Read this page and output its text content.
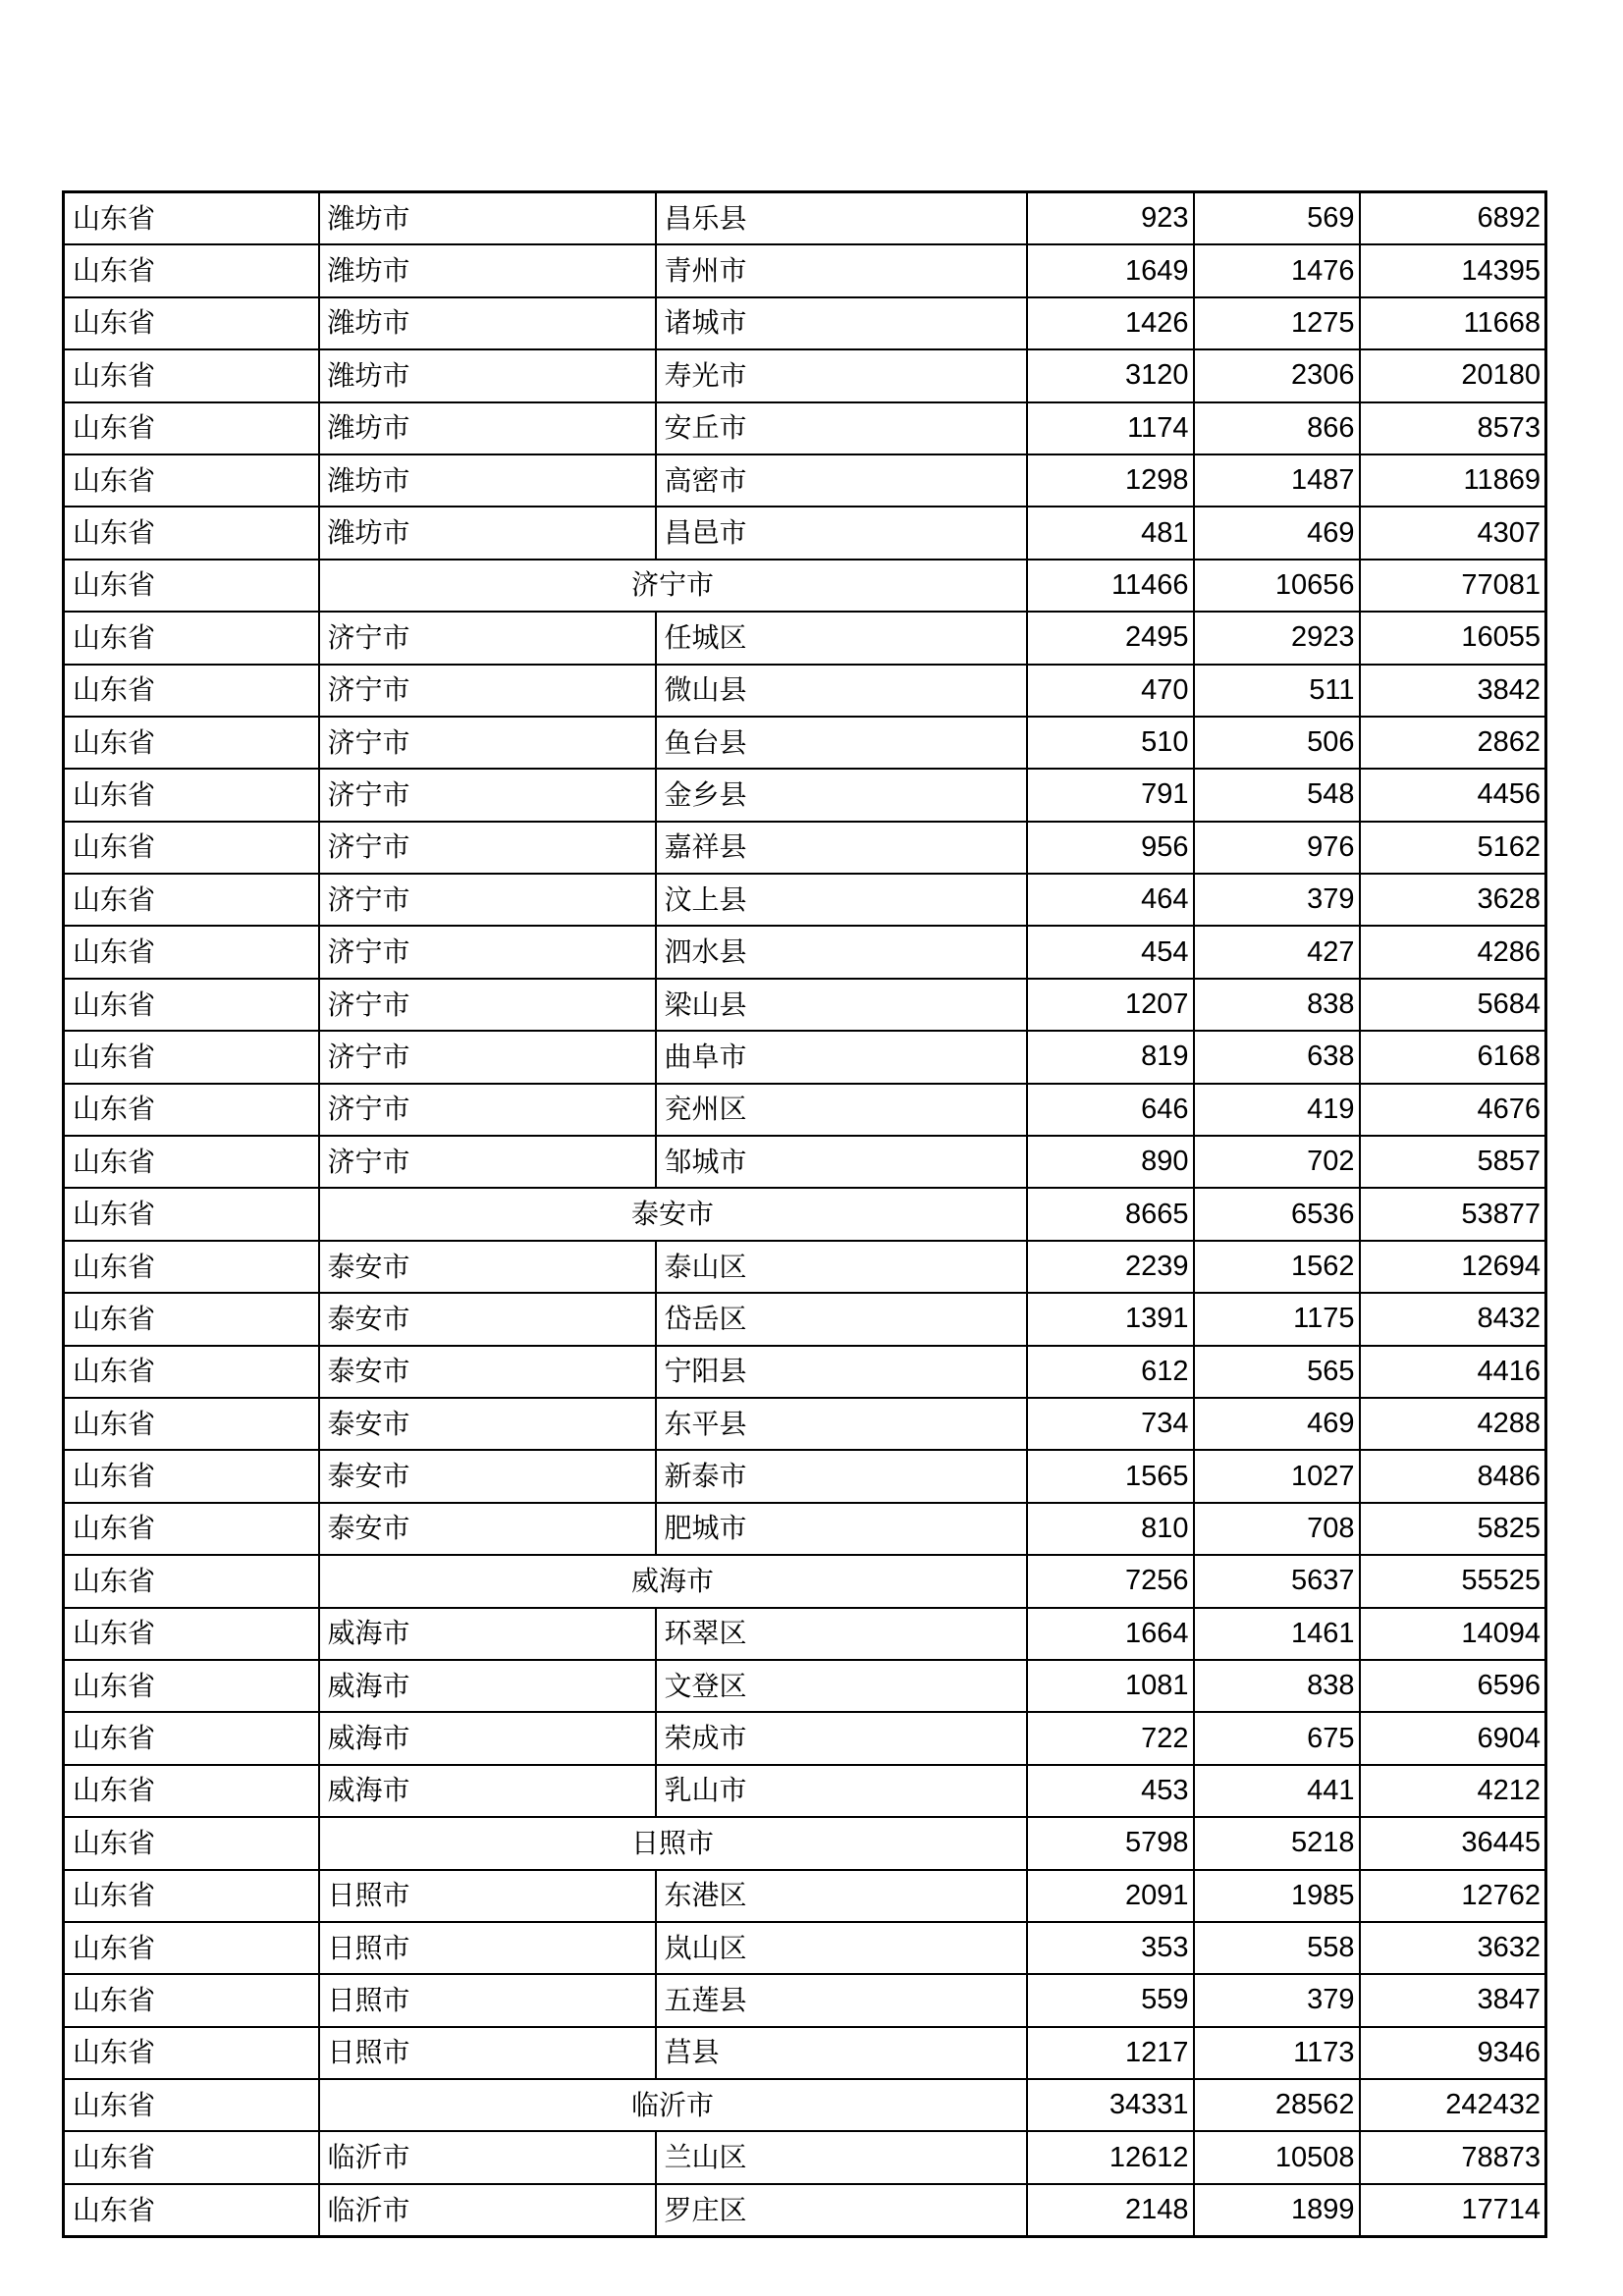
山东省	潍坊市	昌乐县	923	569	6892
山东省	潍坊市	青州市	1649	1476	14395
山东省	潍坊市	诸城市	1426	1275	11668
山东省	潍坊市	寿光市	3120	2306	20180
山东省	潍坊市	安丘市	1174	866	8573
山东省	潍坊市	高密市	1298	1487	11869
山东省	潍坊市	昌邑市	481	469	4307
山东省	济宁市		11466	10656	77081
山东省	济宁市	任城区	2495	2923	16055
山东省	济宁市	微山县	470	511	3842
山东省	济宁市	鱼台县	510	506	2862
山东省	济宁市	金乡县	791	548	4456
山东省	济宁市	嘉祥县	956	976	5162
山东省	济宁市	汶上县	464	379	3628
山东省	济宁市	泗水县	454	427	4286
山东省	济宁市	梁山县	1207	838	5684
山东省	济宁市	曲阜市	819	638	6168
山东省	济宁市	兖州区	646	419	4676
山东省	济宁市	邹城市	890	702	5857
山东省	泰安市		8665	6536	53877
山东省	泰安市	泰山区	2239	1562	12694
山东省	泰安市	岱岳区	1391	1175	8432
山东省	泰安市	宁阳县	612	565	4416
山东省	泰安市	东平县	734	469	4288
山东省	泰安市	新泰市	1565	1027	8486
山东省	泰安市	肥城市	810	708	5825
山东省	威海市		7256	5637	55525
山东省	威海市	环翠区	1664	1461	14094
山东省	威海市	文登区	1081	838	6596
山东省	威海市	荣成市	722	675	6904
山东省	威海市	乳山市	453	441	4212
山东省	日照市		5798	5218	36445
山东省	日照市	东港区	2091	1985	12762
山东省	日照市	岚山区	353	558	3632
山东省	日照市	五莲县	559	379	3847
山东省	日照市	莒县	1217	1173	9346
山东省	临沂市		34331	28562	242432
山东省	临沂市	兰山区	12612	10508	78873
山东省	临沂市	罗庄区	2148	1899	17714
